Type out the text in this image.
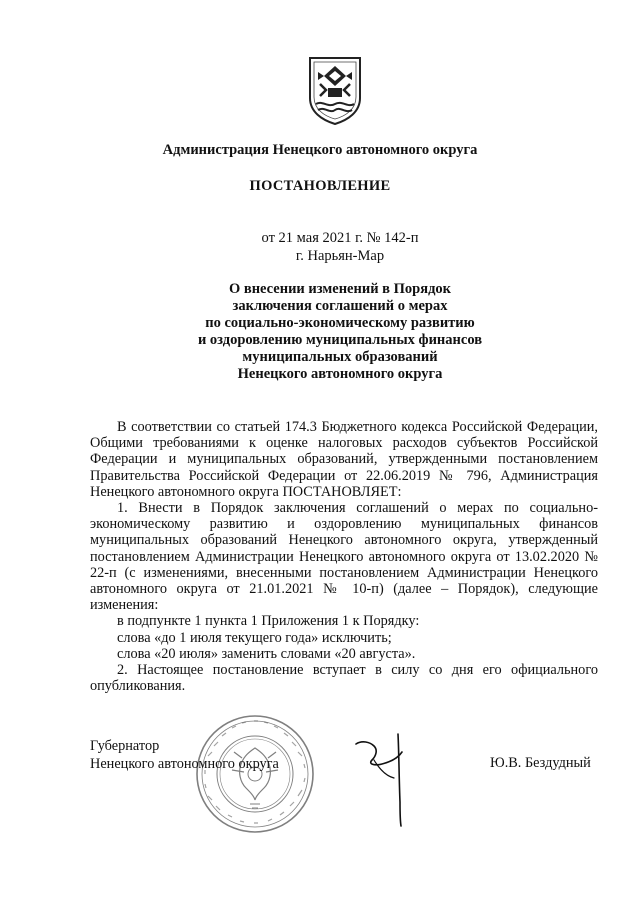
Администрация Ненецкого автономного округа
ПОСТАНОВЛЕНИЕ
от 21 мая 2021 г. № 142-п
г. Нарьян-Мар
О внесении изменений в Порядок
заключения соглашений о мерах
по социально-экономическому развитию
и оздоровлению муниципальных финансов
муниципальных образований
Ненецкого автономного округа

В соответствии со статьей 174.3 Бюджетного кодекса Российской Федерации, Общими требованиями к оценке налоговых расходов субъектов Российской Федерации и муниципальных образований, утвержденными постановлением Правительства Российской Федерации от 22.06.2019 № 796, Администрация Ненецкого автономного округа ПОСТАНОВЛЯЕТ:

1. Внести в Порядок заключения соглашений о мерах по социально-экономическому развитию и оздоровлению муниципальных финансов муниципальных образований Ненецкого автономного округа, утвержденный постановлением Администрации Ненецкого автономного округа от 13.02.2020 № 22-п (с изменениями, внесенными постановлением Администрации Ненецкого автономного округа от 21.01.2021 № 10-п) (далее – Порядок), следующие изменения:

в подпункте 1 пункта 1 Приложения 1 к Порядку:

слова «до 1 июля текущего года» исключить;

слова «20 июля» заменить словами «20 августа».

2. Настоящее постановление вступает в силу со дня его официального опубликования.

Губернатор
Ненецкого автономного округа	Ю.В. Бездудный
